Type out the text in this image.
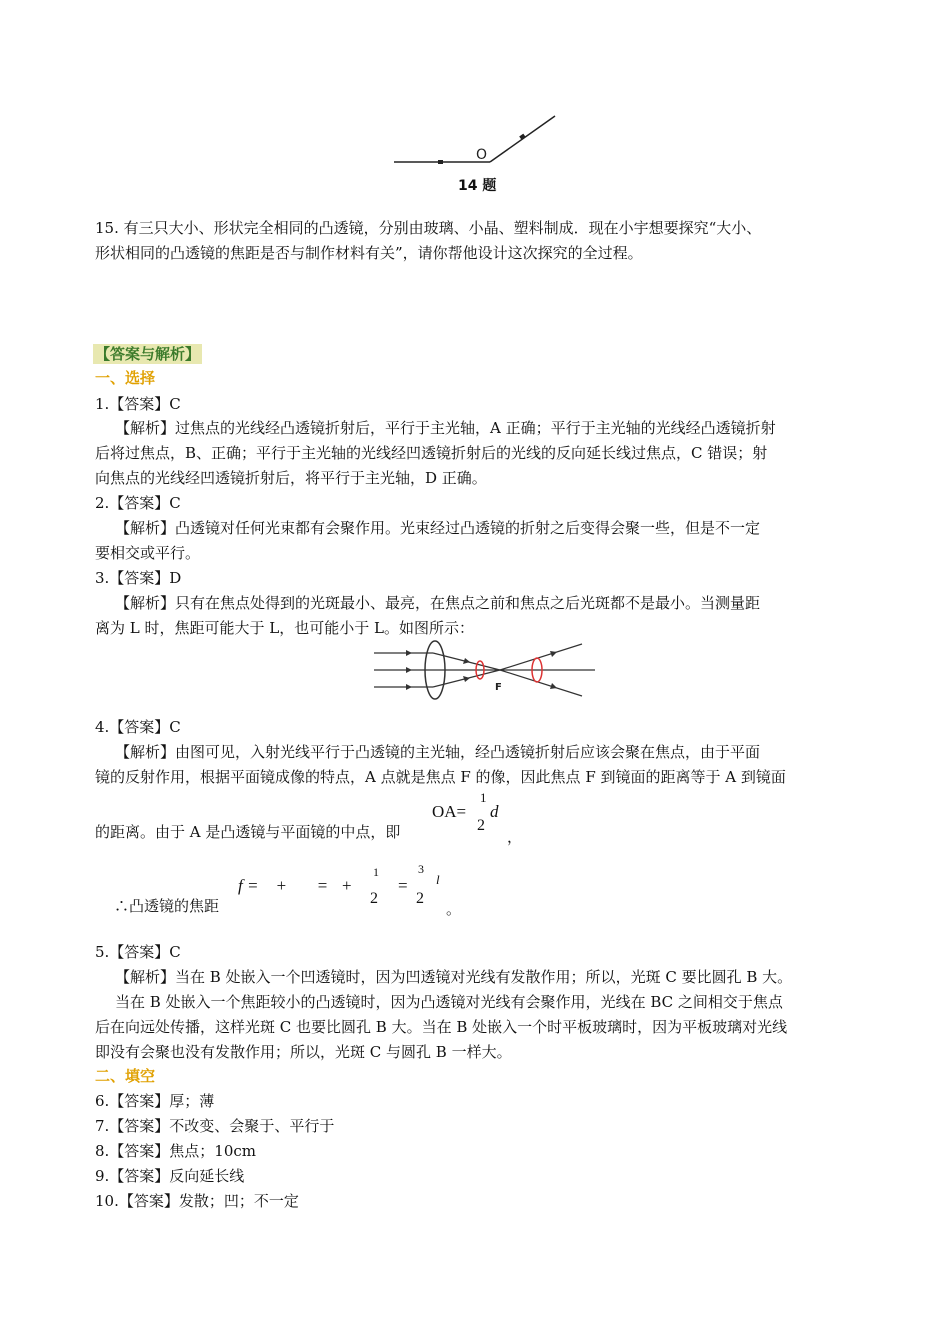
O
14 题
15. 有三只大小、形状完全相同的凸透镜，分别由玻璃、小晶、塑料制成．现在小宇想要探究“大小、
形状相同的凸透镜的焦距是否与制作材料有关”，请你帮他设计这次探究的全过程。
【答案与解析】
一、选择
1.【答案】C
【解析】过焦点的光线经凸透镜折射后，平行于主光轴，A 正确；平行于主光轴的光线经凸透镜折射
后将过焦点，B、正确；平行于主光轴的光线经凹透镜折射后的光线的反向延长线过焦点，C 错误；射
向焦点的光线经凹透镜折射后，将平行于主光轴，D 正确。
2.【答案】C
【解析】凸透镜对任何光束都有会聚作用。光束经过凸透镜的折射之后变得会聚一些，但是不一定
要相交或平行。
3.【答案】D
【解析】只有在焦点处得到的光斑最小、最亮，在焦点之前和焦点之后光斑都不是最小。当测量距
离为 L 时，焦距可能大于 L，也可能小于 L。如图所示：
F
4.【答案】C
【解析】由图可见，入射光线平行于凸透镜的主光轴，经凸透镜折射后应该会聚在焦点，由于平面
镜的反射作用，根据平面镜成像的特点，A 点就是焦点 F 的像，因此焦点 F 到镜面的距离等于 A 到镜面
OA=
1
2
d
的距离。由于 A 是凸透镜与平面镜的中点，即	，
f =    +       =   +
1
2
=
3
2
l
∴凸透镜的焦距	。
5.【答案】C
【解析】当在 B 处嵌入一个凹透镜时，因为凹透镜对光线有发散作用；所以，光斑 C 要比圆孔 B 大。
当在 B 处嵌入一个焦距较小的凸透镜时，因为凸透镜对光线有会聚作用，光线在 BC 之间相交于焦点
后在向远处传播，这样光斑 C 也要比圆孔 B 大。当在 B 处嵌入一个时平板玻璃时，因为平板玻璃对光线
即没有会聚也没有发散作用；所以，光斑 C 与圆孔 B 一样大。
二、填空
6.【答案】厚；薄
7.【答案】不改变、会聚于、平行于
8.【答案】焦点；10cm
9.【答案】反向延长线
10.【答案】发散；凹；不一定
